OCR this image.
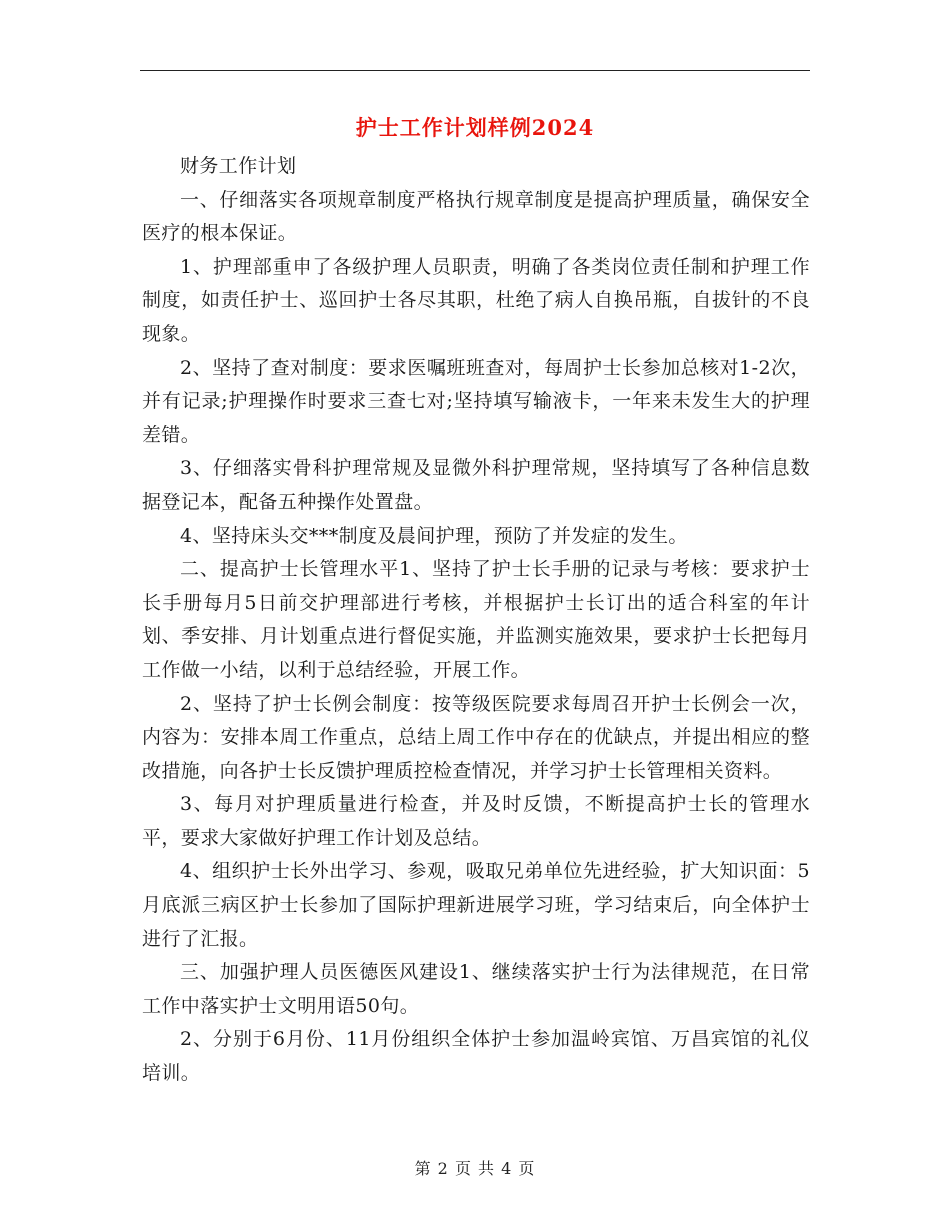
护士工作计划样例2024

财务工作计划

一、仔细落实各项规章制度严格执行规章制度是提高护理质量，确保安全医疗的根本保证。

1、护理部重申了各级护理人员职责，明确了各类岗位责任制和护理工作制度，如责任护士、巡回护士各尽其职，杜绝了病人自换吊瓶，自拔针的不良现象。

2、坚持了查对制度：要求医嘱班班查对，每周护士长参加总核对1-2次，并有记录;护理操作时要求三查七对;坚持填写输液卡，一年来未发生大的护理差错。

3、仔细落实骨科护理常规及显微外科护理常规，坚持填写了各种信息数据登记本，配备五种操作处置盘。

4、坚持床头交***制度及晨间护理，预防了并发症的发生。

二、提高护士长管理水平1、坚持了护士长手册的记录与考核：要求护士长手册每月5日前交护理部进行考核，并根据护士长订出的适合科室的年计划、季安排、月计划重点进行督促实施，并监测实施效果，要求护士长把每月工作做一小结，以利于总结经验，开展工作。

2、坚持了护士长例会制度：按等级医院要求每周召开护士长例会一次，内容为：安排本周工作重点，总结上周工作中存在的优缺点，并提出相应的整改措施，向各护士长反馈护理质控检查情况，并学习护士长管理相关资料。

3、每月对护理质量进行检查，并及时反馈，不断提高护士长的管理水平，要求大家做好护理工作计划及总结。

4、组织护士长外出学习、参观，吸取兄弟单位先进经验，扩大知识面：5月底派三病区护士长参加了国际护理新进展学习班，学习结束后，向全体护士进行了汇报。

三、加强护理人员医德医风建设1、继续落实护士行为法律规范，在日常工作中落实护士文明用语50句。

2、分别于6月份、11月份组织全体护士参加温岭宾馆、万昌宾馆的礼仪培训。

第 2 页 共 4 页
